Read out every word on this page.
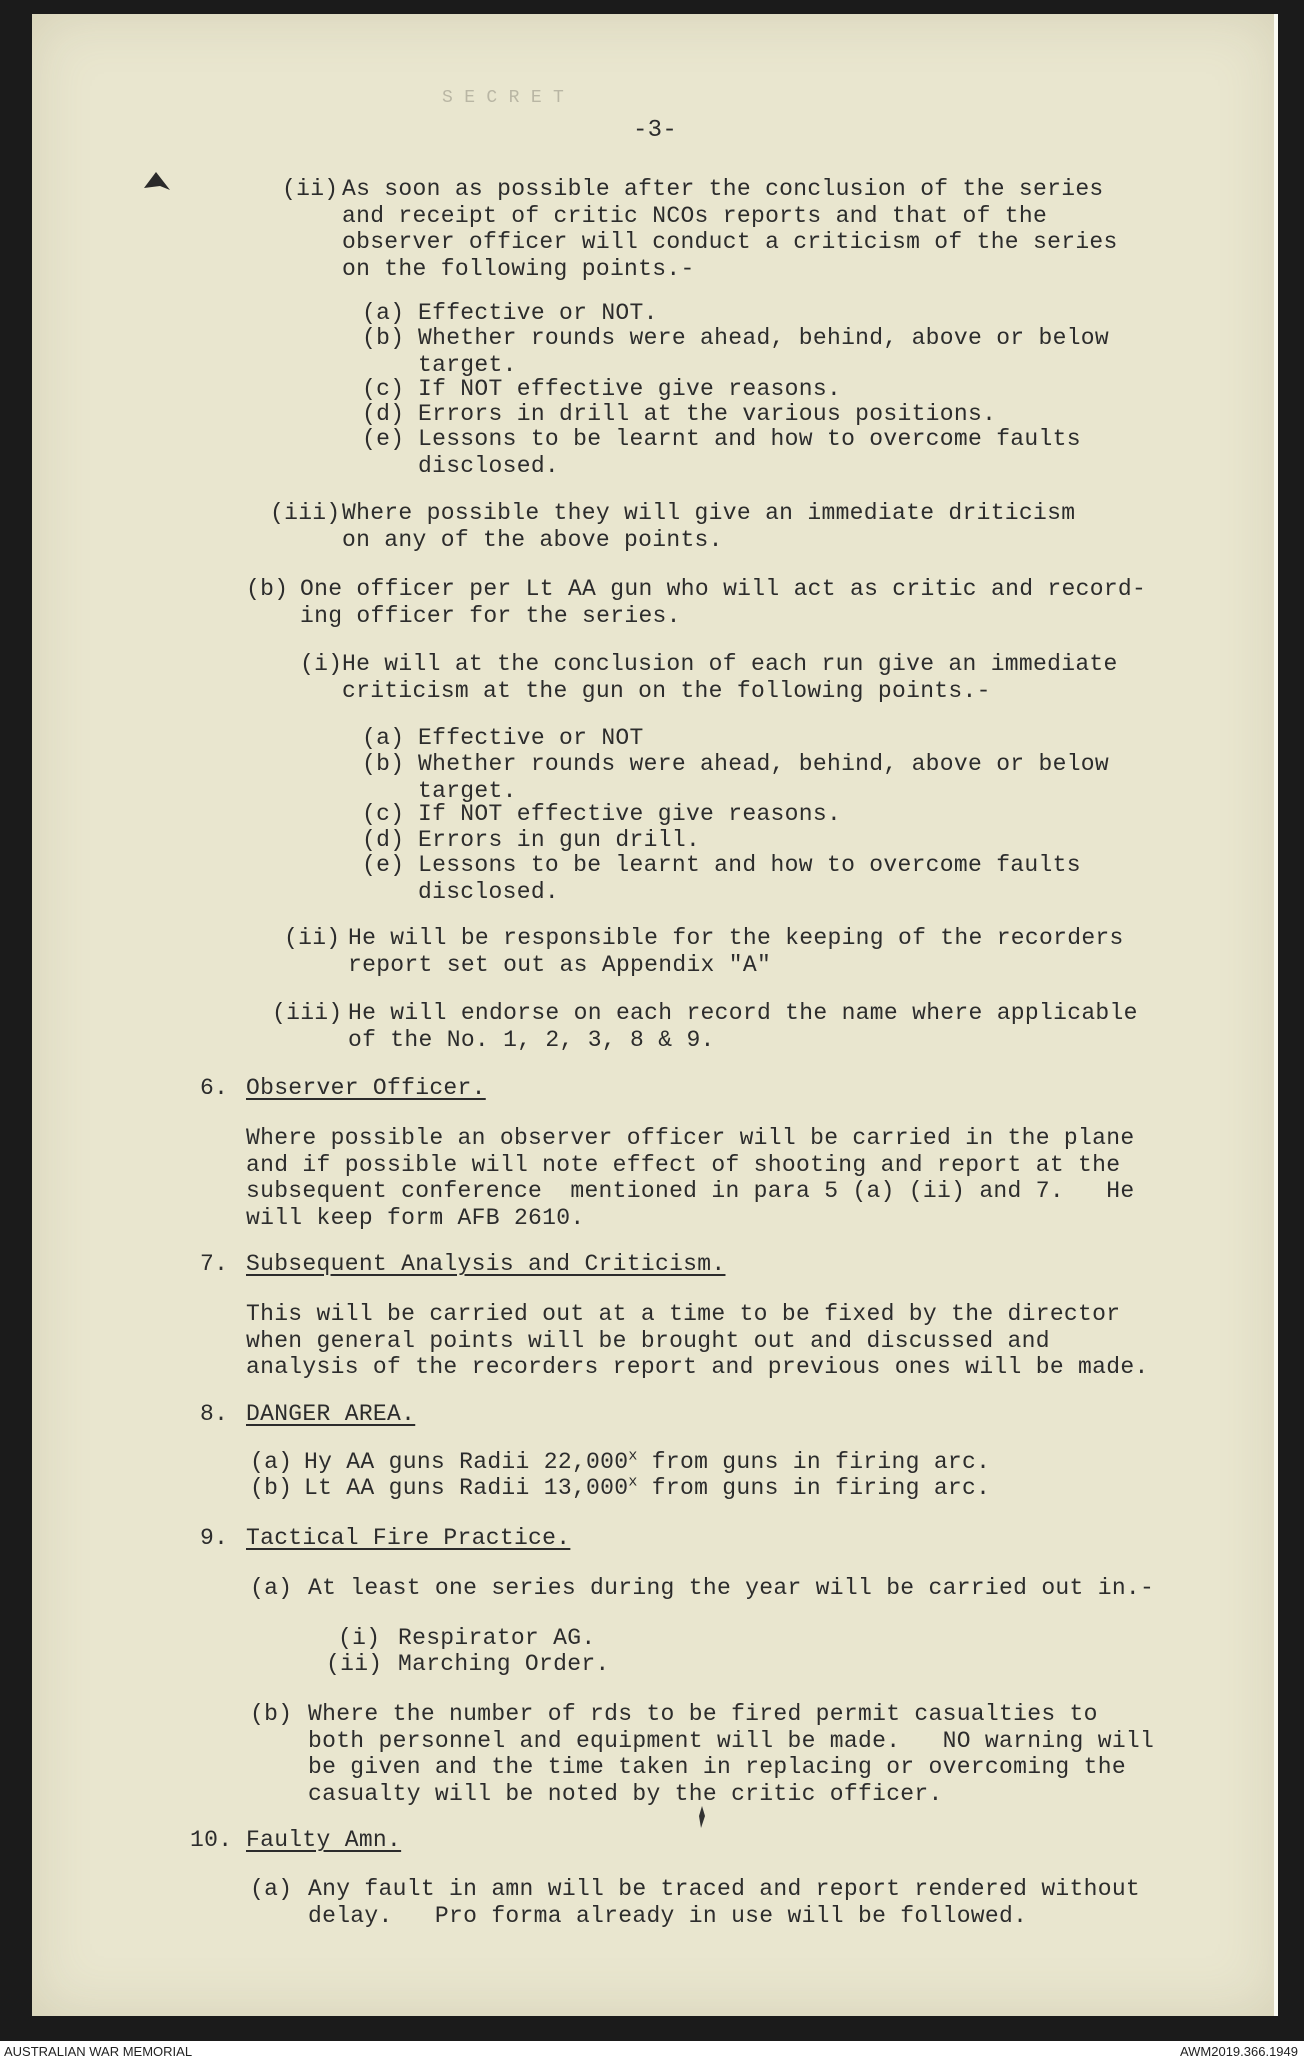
S E C R E T
-3-
(ii) As soon as possible after the conclusion of the series
and receipt of critic NCOs reports and that of the
observer officer will conduct a criticism of the series
on the following points.-
(a) Effective or NOT.
(b) Whether rounds were ahead, behind, above or below
target.
(c) If NOT effective give reasons.
(d) Errors in drill at the various positions.
(e) Lessons to be learnt and how to overcome faults
disclosed.
(iii) Where possible they will give an immediate driticism
on any of the above points.
(b) One officer per Lt AA gun who will act as critic and record-
ing officer for the series.
(i) He will at the conclusion of each run give an immediate
criticism at the gun on the following points.-
(a) Effective or NOT
(b) Whether rounds were ahead, behind, above or below
target.
(c) If NOT effective give reasons.
(d) Errors in gun drill.
(e) Lessons to be learnt and how to overcome faults
disclosed.
(ii) He will be responsible for the keeping of the recorders
report set out as Appendix "A"
(iii) He will endorse on each record the name where applicable
of the No. 1, 2, 3, 8 & 9.
6. Observer Officer.
Where possible an observer officer will be carried in the plane
and if possible will note effect of shooting and report at the
subsequent conference  mentioned in para 5 (a) (ii) and 7.   He
will keep form AFB 2610.
7. Subsequent Analysis and Criticism.
This will be carried out at a time to be fixed by the director
when general points will be brought out and discussed and
analysis of the recorders report and previous ones will be made.
8. DANGER AREA.
(a) Hy AA guns Radii 22,000$^x$ from guns in firing arc.
(b) Lt AA guns Radii 13,000$^x$ from guns in firing arc.
9. Tactical Fire Practice.
(a) At least one series during the year will be carried out in.-
(i) Respirator AG.
(ii) Marching Order.
(b) Where the number of rds to be fired permit casualties to
both personnel and equipment will be made.   NO warning will
be given and the time taken in replacing or overcoming the
casualty will be noted by the critic officer.
10. Faulty Amn.
(a) Any fault in amn will be traced and report rendered without
delay.   Pro forma already in use will be followed.
AUSTRALIAN WAR MEMORIAL	AWM2019.366.1949
